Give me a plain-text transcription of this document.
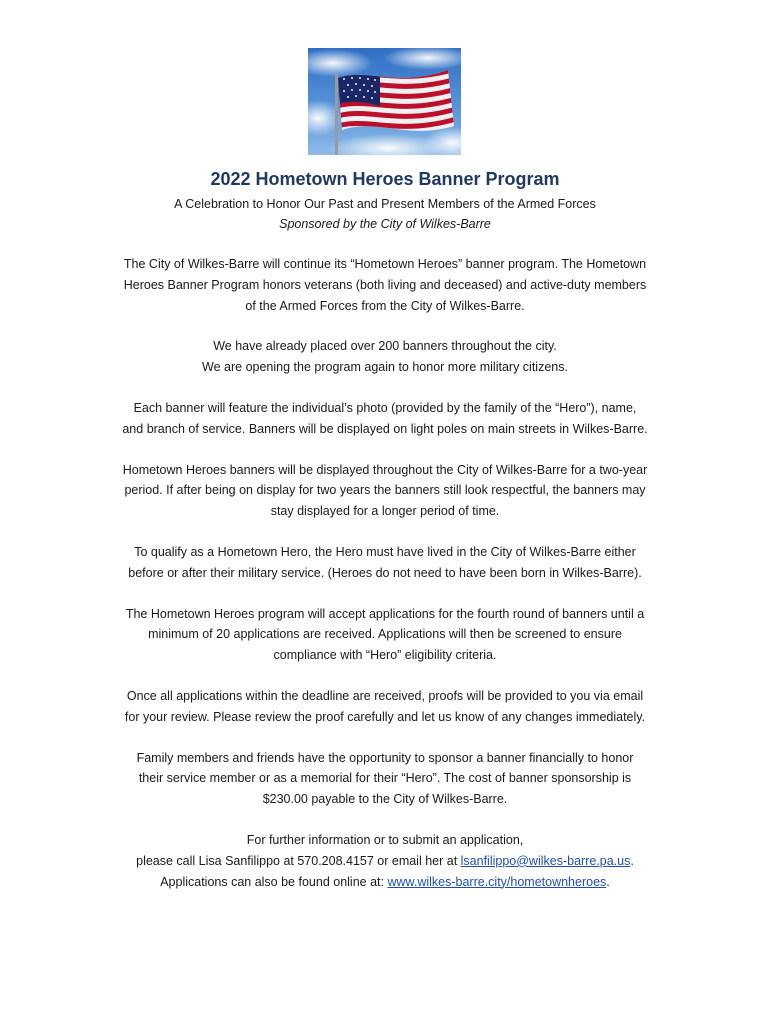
2022 Hometown Heroes Banner Program
A Celebration to Honor Our Past and Present Members of the Armed Forces
Sponsored by the City of Wilkes-Barre

The City of Wilkes-Barre will continue its “Hometown Heroes” banner program. The Hometown
Heroes Banner Program honors veterans (both living and deceased) and active-duty members
of the Armed Forces from the City of Wilkes-Barre.

We have already placed over 200 banners throughout the city.
We are opening the program again to honor more military citizens.

Each banner will feature the individual’s photo (provided by the family of the “Hero”), name,
and branch of service. Banners will be displayed on light poles on main streets in Wilkes-Barre.

Hometown Heroes banners will be displayed throughout the City of Wilkes-Barre for a two-year
period. If after being on display for two years the banners still look respectful, the banners may
stay displayed for a longer period of time.

To qualify as a Hometown Hero, the Hero must have lived in the City of Wilkes-Barre either
before or after their military service. (Heroes do not need to have been born in Wilkes-Barre).

The Hometown Heroes program will accept applications for the fourth round of banners until a
minimum of 20 applications are received. Applications will then be screened to ensure
compliance with “Hero” eligibility criteria.

Once all applications within the deadline are received, proofs will be provided to you via email
for your review. Please review the proof carefully and let us know of any changes immediately.

Family members and friends have the opportunity to sponsor a banner financially to honor
their service member or as a memorial for their “Hero”. The cost of banner sponsorship is
$230.00 payable to the City of Wilkes-Barre.

For further information or to submit an application,
please call Lisa Sanfilippo at 570.208.4157 or email her at lsanfilippo@wilkes-barre.pa.us.
Applications can also be found online at: www.wilkes-barre.city/hometownheroes.
